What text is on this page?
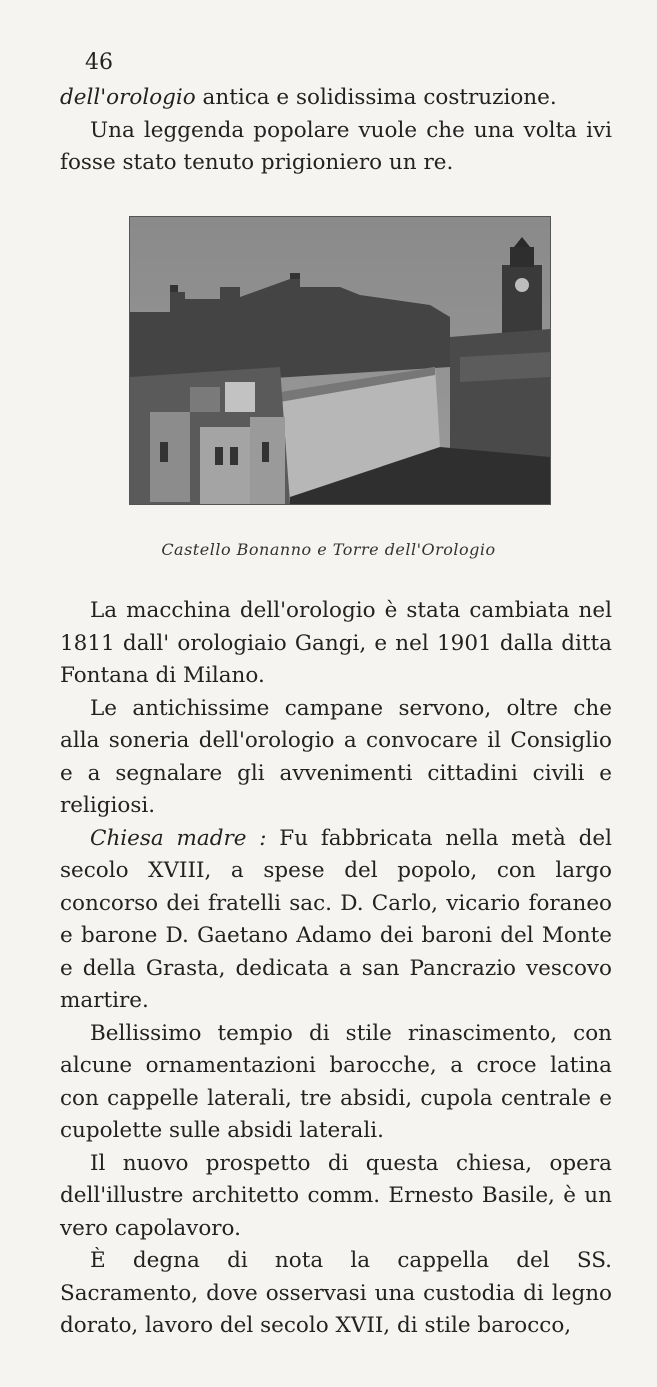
46

dell'orologio antica e solidissima costruzione.

Una leggenda popolare vuole che una volta ivi fosse stato tenuto prigioniero un re.

Castello Bonanno e Torre dell'Orologio

La macchina dell'orologio è stata cambiata nel 1811 dall' orologiaio Gangi, e nel 1901 dalla ditta Fontana di Milano.

Le antichissime campane servono, oltre che alla soneria dell'orologio a convocare il Consiglio e a segnalare gli avvenimenti cittadini civili e religiosi.

Chiesa madre : Fu fabbricata nella metà del secolo XVIII, a spese del popolo, con largo concorso dei fratelli sac. D. Carlo, vicario foraneo e barone D. Gaetano Adamo dei baroni del Monte e della Grasta, dedicata a san Pancrazio vescovo martire.

Bellissimo tempio di stile rinascimento, con alcune ornamentazioni barocche, a croce latina con cappelle laterali, tre absidi, cupola centrale e cupolette sulle absidi laterali.

Il nuovo prospetto di questa chiesa, opera dell'illustre architetto comm. Ernesto Basile, è un vero capolavoro.

È degna di nota la cappella del SS. Sacramento, dove osservasi una custodia di legno dorato, lavoro del secolo XVII, di stile barocco,
